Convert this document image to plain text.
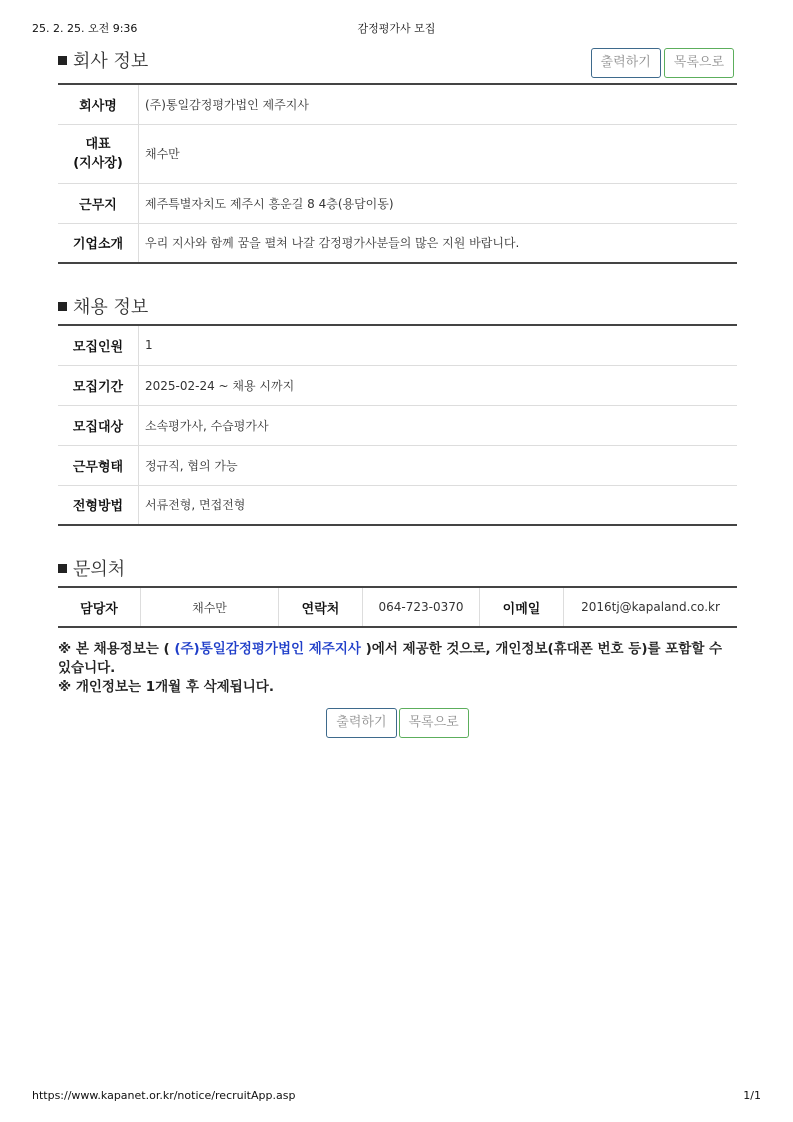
25. 2. 25. 오전 9:36	감정평가사 모집
회사 정보	출력하기 목록으로
회사명	(주)통일감정평가법인 제주지사
대표
(지사장)	채수만
근무지	제주특별자치도 제주시 흥운길 8 4층(용담이동)
기업소개	우리 지사와 함께 꿈을 펼쳐 나갈 감정평가사분들의 많은 지원 바랍니다.
채용 정보
모집인원	1
모집기간	2025-02-24 ~ 채용 시까지
모집대상	소속평가사, 수습평가사
근무형태	정규직, 협의 가능
전형방법	서류전형, 면접전형
문의처
담당자	채수만	연락처	064-723-0370	이메일	2016tj@kapaland.co.kr
※ 본 채용정보는 ( (주)통일감정평가법인 제주지사 )에서 제공한 것으로, 개인정보(휴대폰 번호 등)를 포함할 수 있습니다.
※ 개인정보는 1개월 후 삭제됩니다.
출력하기 목록으로
https://www.kapanet.or.kr/notice/recruitApp.asp	1/1
